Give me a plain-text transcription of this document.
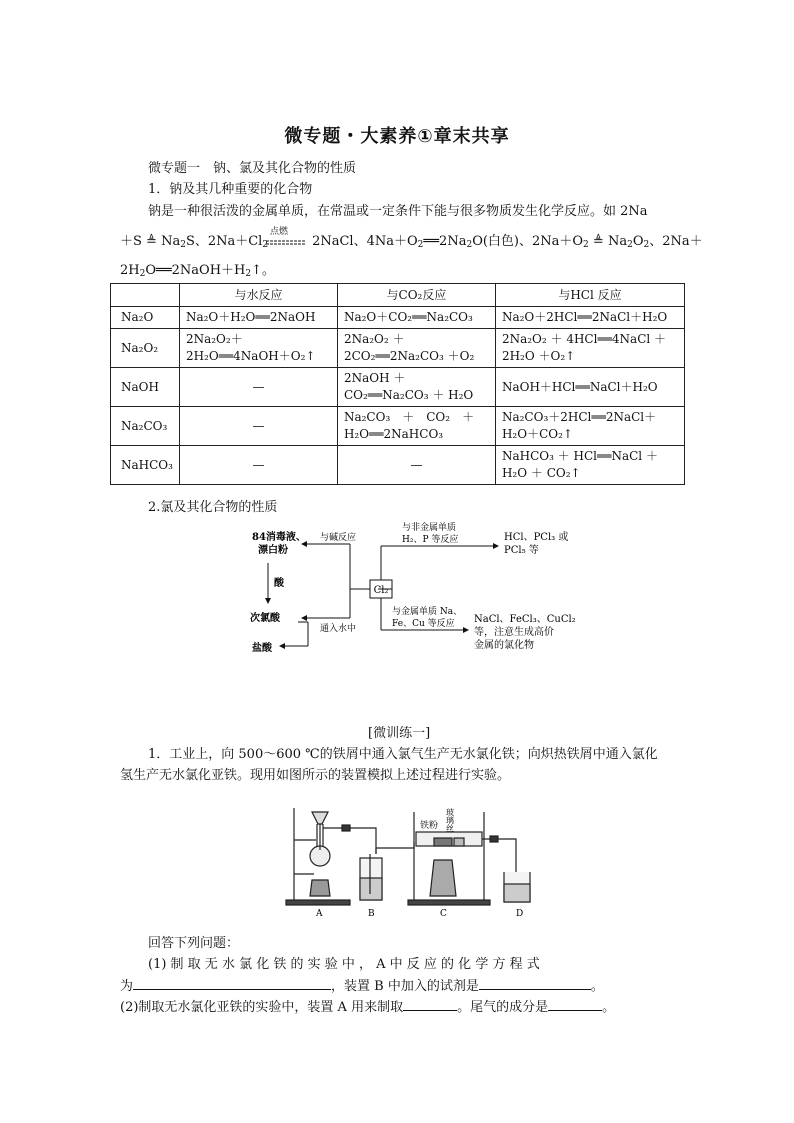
微专题・大素养①章末共享
微专题一　钠、氯及其化合物的性质
1．钠及其几种重要的化合物
钠是一种很活泼的金属单质，在常温或一定条件下能与很多物质发生化学反应。如 2Na
点燃
＋S ≜ $Na_2S$、$2Na+Cl_2$	2NaCl、$4Na+O_2══2Na_2O$(白色)、$2Na+O_2$ ≜ $Na_2O_2$、2Na＋
$2H_2O══2NaOH+H_2↑$。
	与水反应	与CO₂反应	与HCl 反应
Na₂O	Na₂O＋H₂O══2NaOH	Na₂O＋CO₂══Na₂CO₃	Na₂O＋2HCl══2NaCl＋H₂O
Na₂O₂	2Na₂O₂＋2H₂O══4NaOH＋O₂↑	2Na₂O₂ ＋ 2CO₂══2Na₂CO₃ ＋O₂	2Na₂O₂ ＋ 4HCl══4NaCl ＋ 2H₂O ＋O₂↑
NaOH	—	2NaOH ＋ CO₂══Na₂CO₃ ＋ H₂O	NaOH＋HCl══NaCl＋H₂O
Na₂CO₃	—	Na₂CO₃　＋　CO₂　＋ H₂O══2NaHCO₃	Na₂CO₃＋2HCl══2NaCl＋H₂O＋CO₂↑
NaHCO₃	—	—	NaHCO₃ ＋ HCl══NaCl ＋ H₂O ＋ CO₂↑
2.氯及其化合物的性质
Cl₂
84消毒液、
漂白粉
与碱反应
酸
次氯酸
通入水中
盐酸
与非金属单质
H₂、P 等反应	HCl、PCl₃ 或
PCl₅ 等
与金属单质 Na、
Fe、Cu 等反应 NaCl、FeCl₃、CuCl₂
等，注意生成高价
金属的氯化物
[微训练一]
1．工业上，向 500～600 ℃的铁屑中通入氯气生产无水氯化铁；向炽热铁屑中通入氯化
氢生产无水氯化亚铁。现用如图所示的装置模拟上述过程进行实验。
A	B	C	D
铁粉 玻璃丝
回答下列问题：
(1) 制 取 无 水 氯 化 铁 的 实 验 中 ， A 中 反 应 的 化 学 方 程 式
为	，装置 B 中加入的试剂是	。
(2)制取无水氯化亚铁的实验中，装置 A 用来制取	。尾气的成分是	。
